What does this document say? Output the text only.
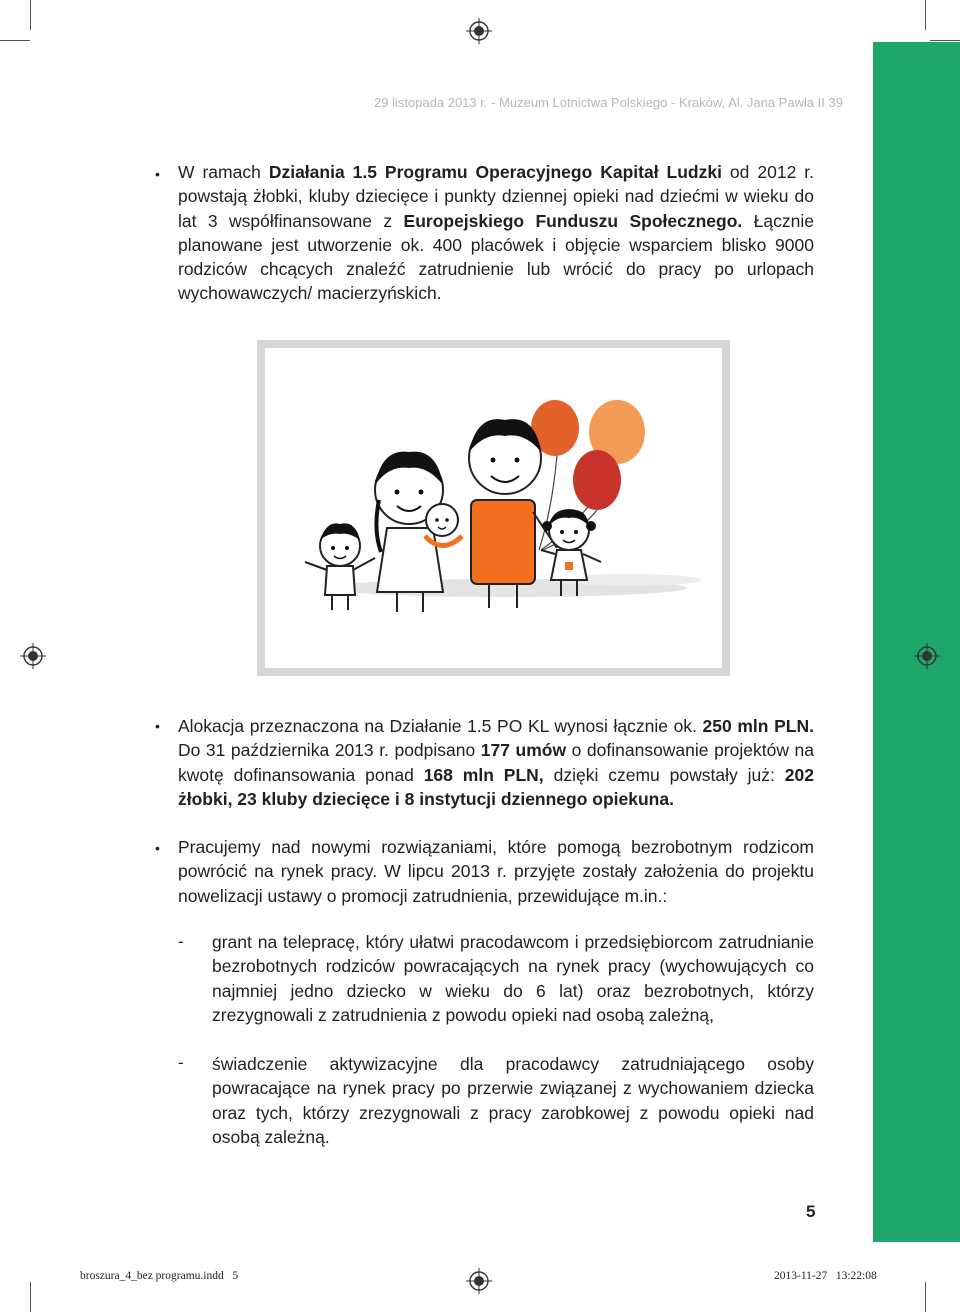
29 listopada 2013 r. - Muzeum Lotnictwa Polskiego - Kraków, Al. Jana Pawła II 39
• W ramach Działania 1.5 Programu Operacyjnego Kapitał Ludzki od 2012 r. powstają żłobki, kluby dziecięce i punkty dziennej opieki nad dziećmi w wieku do lat 3 współfinansowane z Europejskiego Funduszu Społecznego. Łącznie planowane jest utworzenie ok. 400 placówek i objęcie wsparciem blisko 9000 rodziców chcących znaleźć zatrudnienie lub wrócić do pracy po urlopach wychowawczych/ macierzyńskich.

• Alokacja przeznaczona na Działanie 1.5 PO KL wynosi łącznie ok. 250 mln PLN. Do 31 października 2013 r. podpisano 177 umów o dofinansowanie projektów na kwotę dofinansowania ponad 168 mln PLN, dzięki czemu powstały już: 202 żłobki, 23 kluby dziecięce i 8 instytucji dziennego opiekuna.

• Pracujemy nad nowymi rozwiązaniami, które pomogą bezrobotnym rodzicom powrócić na rynek pracy. W lipcu 2013 r. przyjęte zostały założenia do projektu nowelizacji ustawy o promocji zatrudnienia, przewidujące m.in.:

- grant na telepracę, który ułatwi pracodawcom i przedsiębiorcom zatrudnianie bezrobotnych rodziców powracających na rynek pracy (wychowujących co najmniej jedno dziecko w wieku do 6 lat) oraz bezrobotnych, którzy zrezygnowali z zatrudnienia z powodu opieki nad osobą zależną,

- świadczenie aktywizacyjne dla pracodawcy zatrudniającego osoby powracające na rynek pracy po przerwie związanej z wychowaniem dziecka oraz tych, którzy zrezygnowali z pracy zarobkowej z powodu opieki nad osobą zależną.

5
broszura_4_bez programu.indd   5	2013-11-27   13:22:08
